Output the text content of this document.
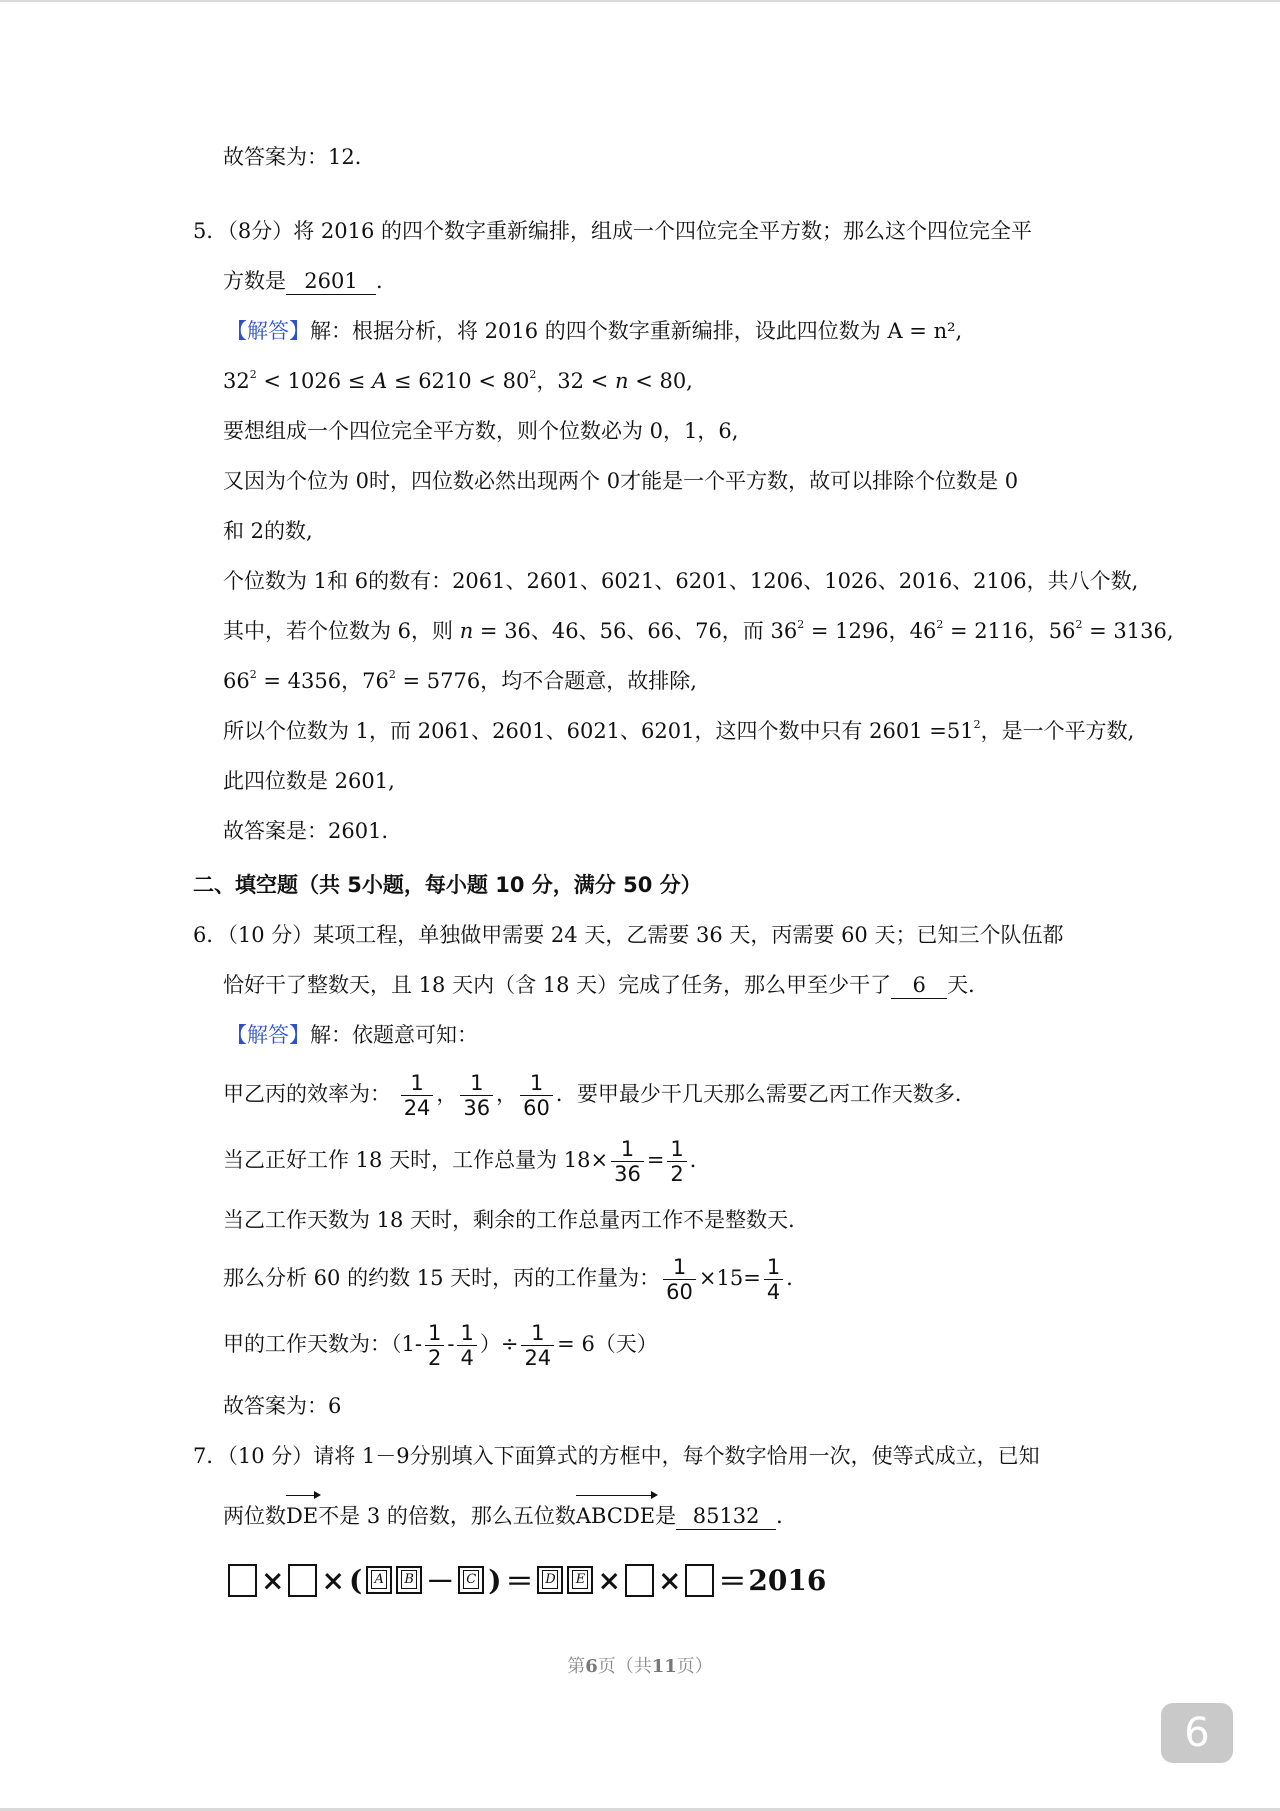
故答案为：12．
5．（8分）将 2016 的四个数字重新编排，组成一个四位完全平方数；那么这个四位完全平
方数是 2601 ．
【解答】解：根据分析，将 2016 的四个数字重新编排，设此四位数为 A = n²,
$32^2 < 1026 \le A \le 6210 < 80^2$，32 < n < 80,
要想组成一个四位完全平方数，则个位数必为 0，1，6,
又因为个位为 0时，四位数必然出现两个 0才能是一个平方数，故可以排除个位数是 0
和 2的数,
个位数为 1和 6的数有：2061、2601、6021、6201、1206、1026、2016、2106，共八个数,
其中，若个位数为 6，则 n = 36、46、56、66、76，而 $36^2 = 1296$，$46^2 = 2116$，$56^2 = 3136$,
$66^2 = 4356$，$76^2 = 5776$，均不合题意，故排除,
所以个位数为 1，而 2061、2601、6021、6201，这四个数中只有 $2601 =51^2$，是一个平方数,
此四位数是 2601,
故答案是：2601．
二、填空题（共 5小题，每小题 10 分，满分 50 分）
6．（10 分）某项工程，单独做甲需要 24 天，乙需要 36 天，丙需要 60 天；已知三个队伍都
恰好干了整数天，且 18 天内（含 18 天）完成了任务，那么甲至少干了 6 天．
【解答】解：依题意可知：
甲乙丙的效率为： $\frac{1}{24}$ ， $\frac{1}{36}$ ， $\frac{1}{60}$ ．要甲最少干几天那么需要乙丙工作天数多．
当乙正好工作 18 天时，工作总量为 $18\times \frac{1}{36} = \frac{1}{2}$ ．
当乙工作天数为 18 天时，剩余的工作总量丙工作不是整数天．
那么分析 60 的约数 15 天时，丙的工作量为： $\frac{1}{60} \times 15= \frac{1}{4}$ ．
甲的工作天数为：（$1- \frac{1}{2} - \frac{1}{4}$ ）÷ $\frac{1}{24} = 6$（天）
故答案为：6
7．（10 分）请将 1－9分别填入下面算式的方框中，每个数字恰用一次，使等式成立，已知
两位数DE不是 3 的倍数，那么五位数ABCDE是 85132 ．
× × ( A	B － C ) ＝ D	E × × ＝ 2016
第6页（共11页）
6
